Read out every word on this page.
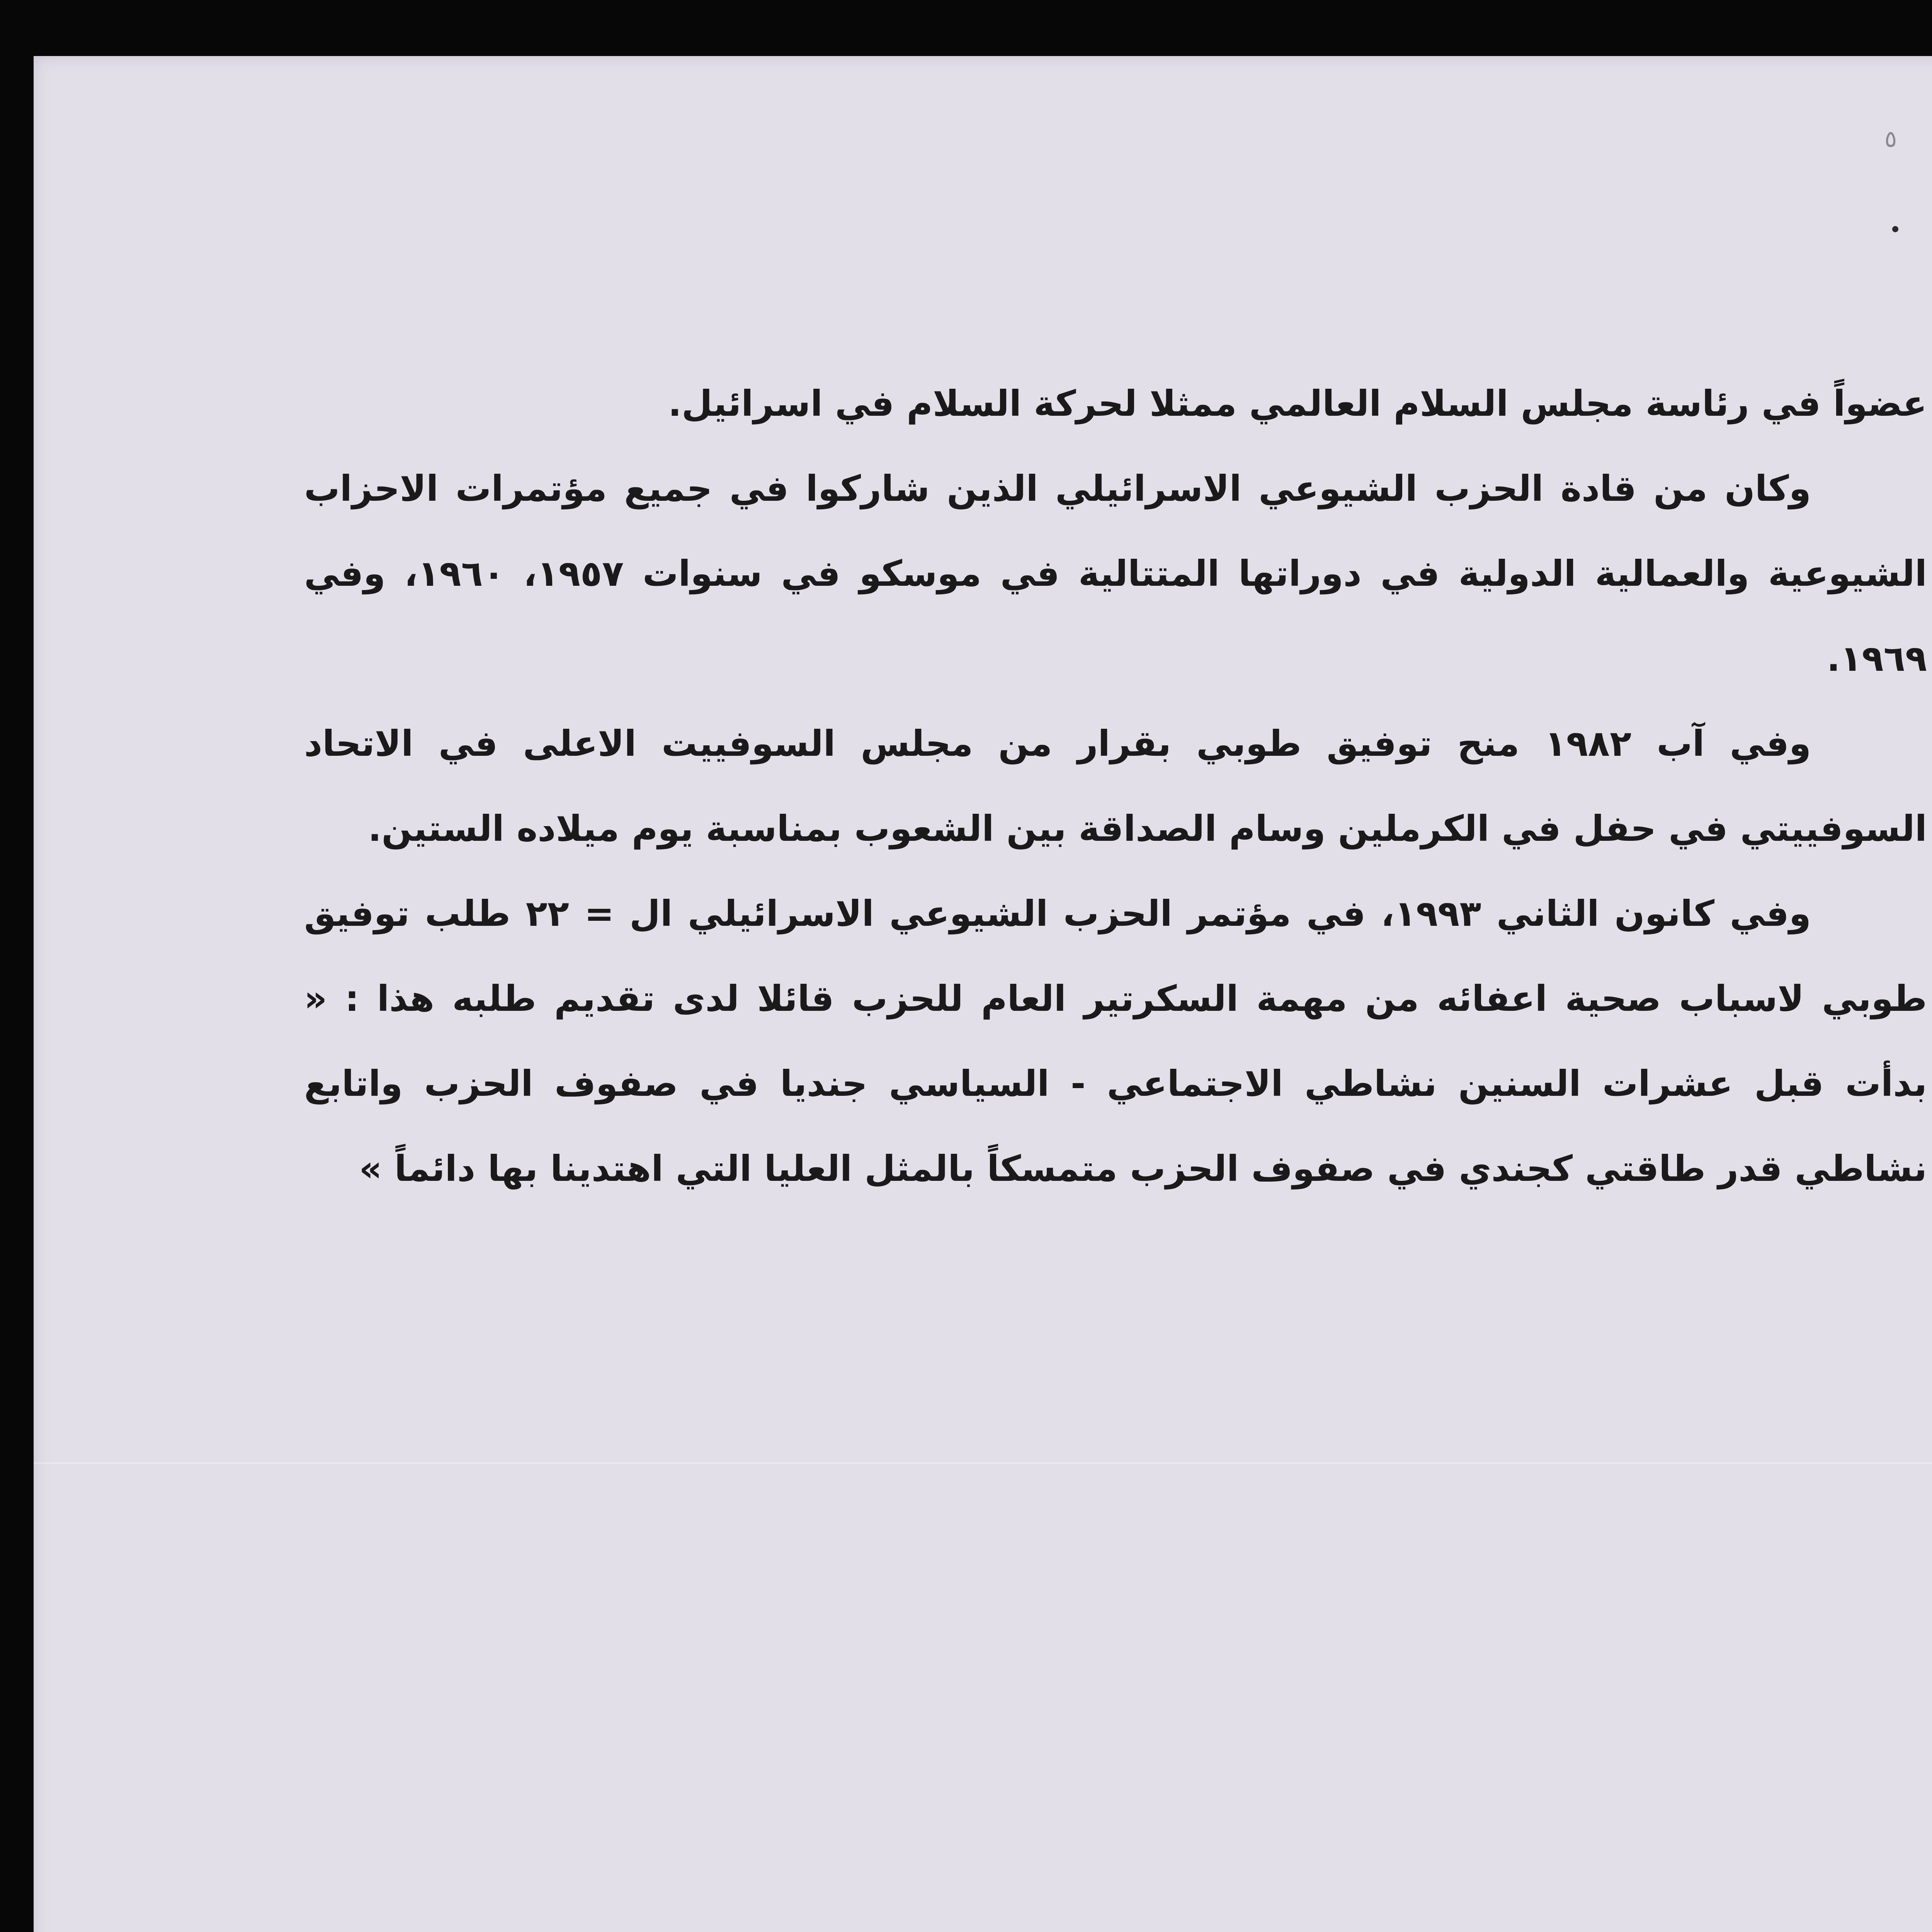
٥

عضواً في رئاسة مجلس السلام العالمي ممثلا لحركة السلام في اسرائيل.

وكان من قادة الحزب الشيوعي الاسرائيلي الذين شاركوا في جميع مؤتمرات الاحزاب الشيوعية والعمالية الدولية في دوراتها المتتالية في موسكو في سنوات ١٩٥٧، ١٩٦٠، وفي ١٩٦٩.

وفي آب ١٩٨٢ منح توفيق طوبي بقرار من مجلس السوفييت الاعلى في الاتحاد السوفييتي في حفل في الكرملين وسام الصداقة بين الشعوب بمناسبة يوم ميلاده الستين.

وفي كانون الثاني ١٩٩٣، في مؤتمر الحزب الشيوعي الاسرائيلي ال = ٢٢ طلب توفيق طوبي لاسباب صحية اعفائه من مهمة السكرتير العام للحزب قائلا لدى تقديم طلبه هذا : « بدأت قبل عشرات السنين نشاطي الاجتماعي - السياسي جنديا في صفوف الحزب واتابع نشاطي قدر طاقتي كجندي في صفوف الحزب متمسكاً بالمثل العليا التي اهتدينا بها دائماً »
